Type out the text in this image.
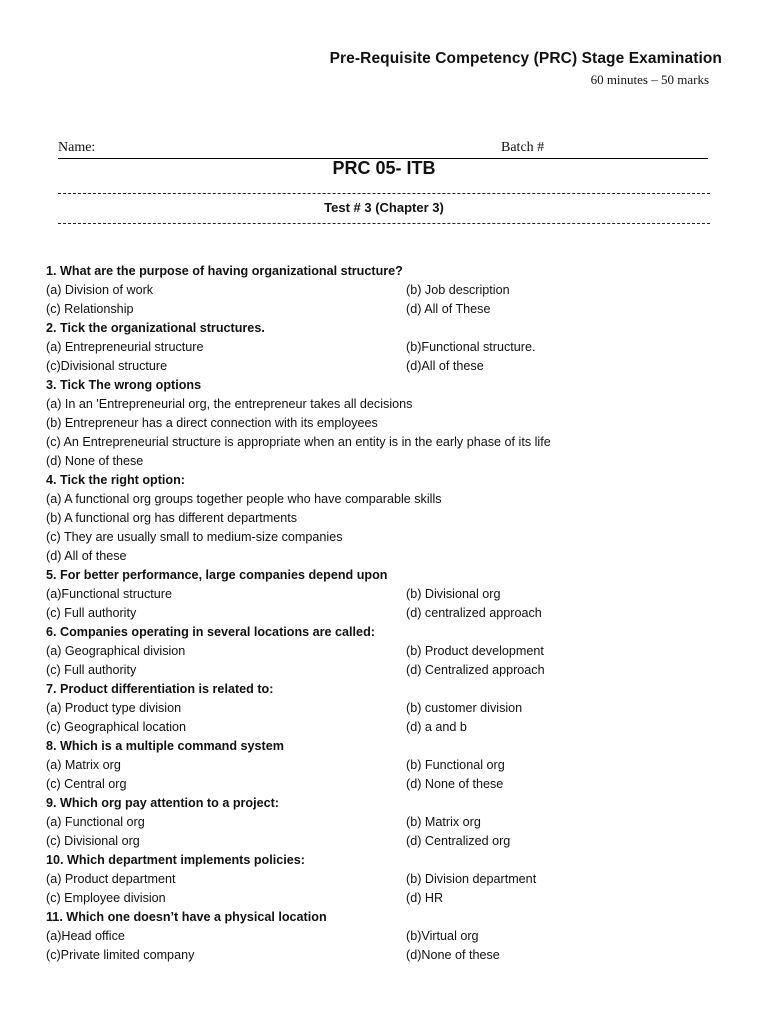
Pre-Requisite Competency (PRC) Stage Examination
60 minutes – 50 marks
Name:	Batch #
PRC 05- ITB
Test # 3 (Chapter 3)
1. What are the purpose of having organizational structure?
(a) Division of work	(b) Job description
(c) Relationship	(d) All of These
2. Tick the organizational structures.
(a) Entrepreneurial structure	(b)Functional structure.
(c)Divisional structure	(d)All of these
3. Tick The wrong options
(a) In an 'Entrepreneurial org, the entrepreneur takes all decisions
(b) Entrepreneur has a direct connection with its employees
(c) An Entrepreneurial structure is appropriate when an entity is in the early phase of its life
(d) None of these
4. Tick the right option:
(a) A functional org groups together people who have comparable skills
(b) A functional org has different departments
(c) They are usually small to medium-size companies
(d) All of these
5. For better performance, large companies depend upon
(a)Functional structure	(b) Divisional org
(c) Full authority	(d) centralized approach
6. Companies operating in several locations are called:
(a) Geographical division	(b) Product development
(c) Full authority	(d) Centralized approach
7. Product differentiation is related to:
(a) Product type division	(b) customer division
(c) Geographical location	(d) a and b
8. Which is a multiple command system
(a) Matrix org	(b) Functional org
(c) Central org	(d) None of these
9. Which org pay attention to a project:
(a) Functional org	(b) Matrix org
(c) Divisional org	(d) Centralized org
10. Which department implements policies:
(a) Product department	(b) Division department
(c) Employee division	(d) HR
11. Which one doesn’t have a physical location
(a)Head office	(b)Virtual org
(c)Private limited company	(d)None of these
